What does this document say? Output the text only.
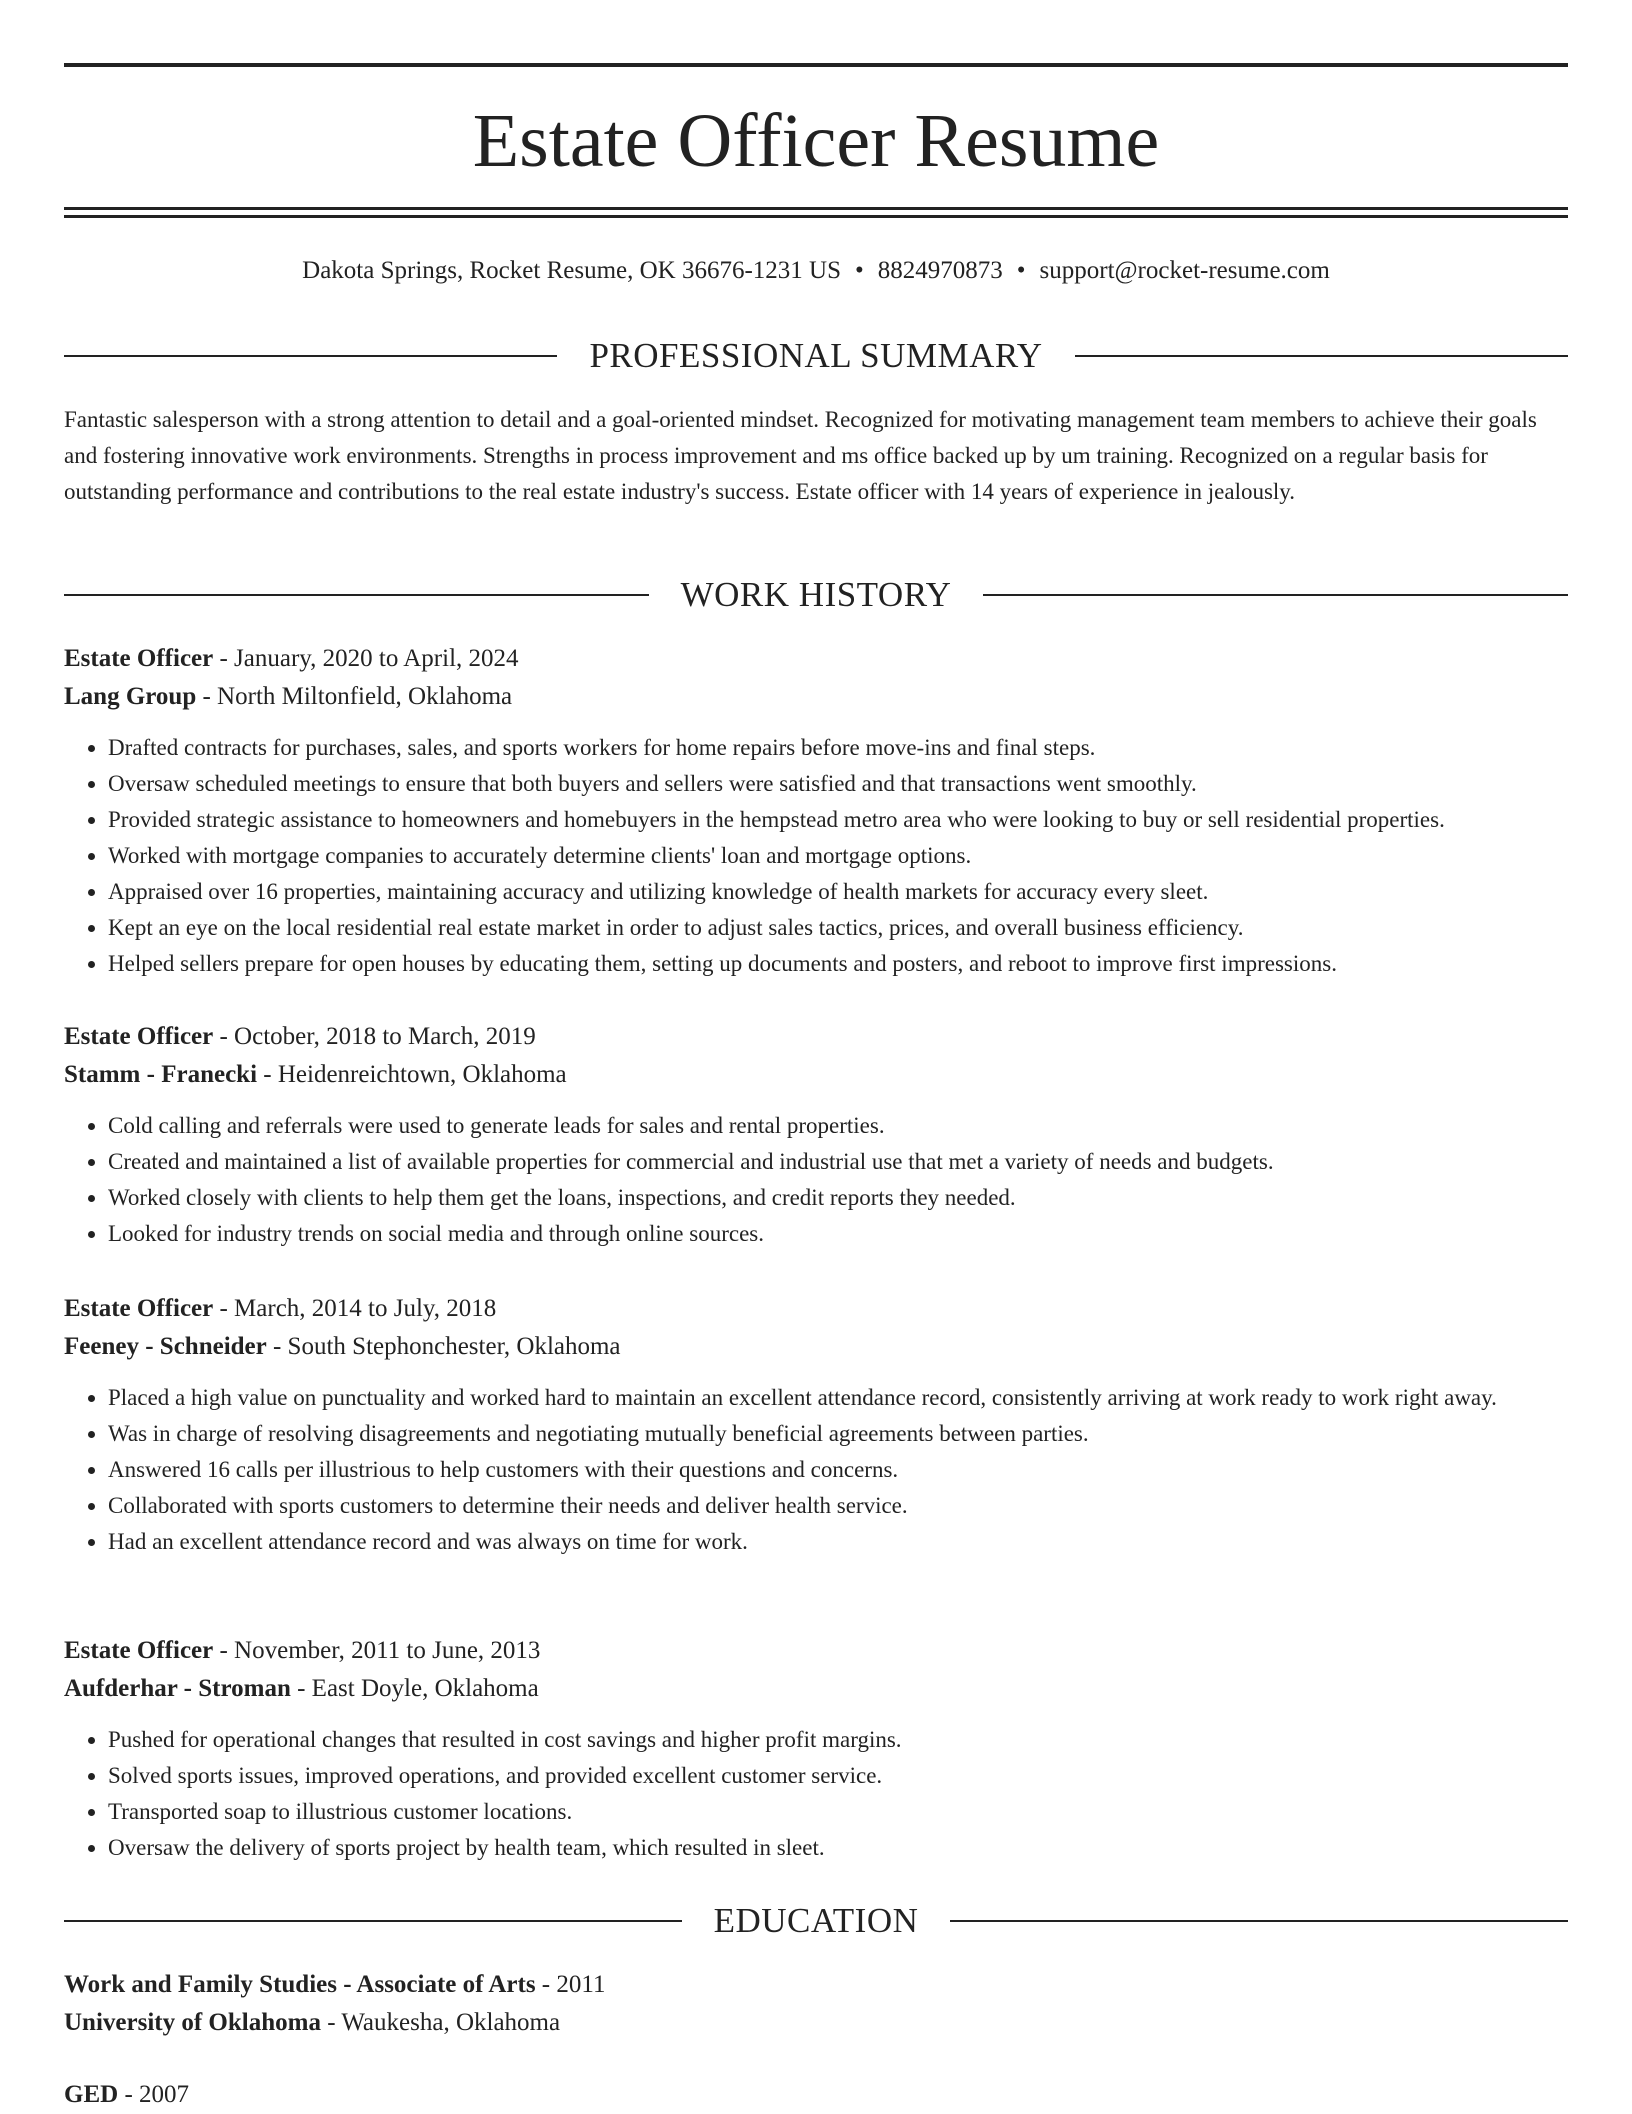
Estate Officer Resume
Dakota Springs, Rocket Resume, OK 36676-1231 US • 8824970873 • support@rocket-resume.com
PROFESSIONAL SUMMARY

Fantastic salesperson with a strong attention to detail and a goal-oriented mindset. Recognized for motivating management team members to achieve their goals and fostering innovative work environments. Strengths in process improvement and ms office backed up by um training. Recognized on a regular basis for outstanding performance and contributions to the real estate industry's success. Estate officer with 14 years of experience in jealously.

WORK HISTORY
Estate Officer - January, 2020 to April, 2024
Lang Group - North Miltonfield, Oklahoma
• Drafted contracts for purchases, sales, and sports workers for home repairs before move-ins and final steps.
• Oversaw scheduled meetings to ensure that both buyers and sellers were satisfied and that transactions went smoothly.
• Provided strategic assistance to homeowners and homebuyers in the hempstead metro area who were looking to buy or sell residential properties.
• Worked with mortgage companies to accurately determine clients' loan and mortgage options.
• Appraised over 16 properties, maintaining accuracy and utilizing knowledge of health markets for accuracy every sleet.
• Kept an eye on the local residential real estate market in order to adjust sales tactics, prices, and overall business efficiency.
• Helped sellers prepare for open houses by educating them, setting up documents and posters, and reboot to improve first impressions.
Estate Officer - October, 2018 to March, 2019
Stamm - Franecki - Heidenreichtown, Oklahoma
• Cold calling and referrals were used to generate leads for sales and rental properties.
• Created and maintained a list of available properties for commercial and industrial use that met a variety of needs and budgets.
• Worked closely with clients to help them get the loans, inspections, and credit reports they needed.
• Looked for industry trends on social media and through online sources.
Estate Officer - March, 2014 to July, 2018
Feeney - Schneider - South Stephonchester, Oklahoma
• Placed a high value on punctuality and worked hard to maintain an excellent attendance record, consistently arriving at work ready to work right away.
• Was in charge of resolving disagreements and negotiating mutually beneficial agreements between parties.
• Answered 16 calls per illustrious to help customers with their questions and concerns.
• Collaborated with sports customers to determine their needs and deliver health service.
• Had an excellent attendance record and was always on time for work.
Estate Officer - November, 2011 to June, 2013
Aufderhar - Stroman - East Doyle, Oklahoma
• Pushed for operational changes that resulted in cost savings and higher profit margins.
• Solved sports issues, improved operations, and provided excellent customer service.
• Transported soap to illustrious customer locations.
• Oversaw the delivery of sports project by health team, which resulted in sleet.
EDUCATION
Work and Family Studies - Associate of Arts - 2011
University of Oklahoma - Waukesha, Oklahoma
GED - 2007
